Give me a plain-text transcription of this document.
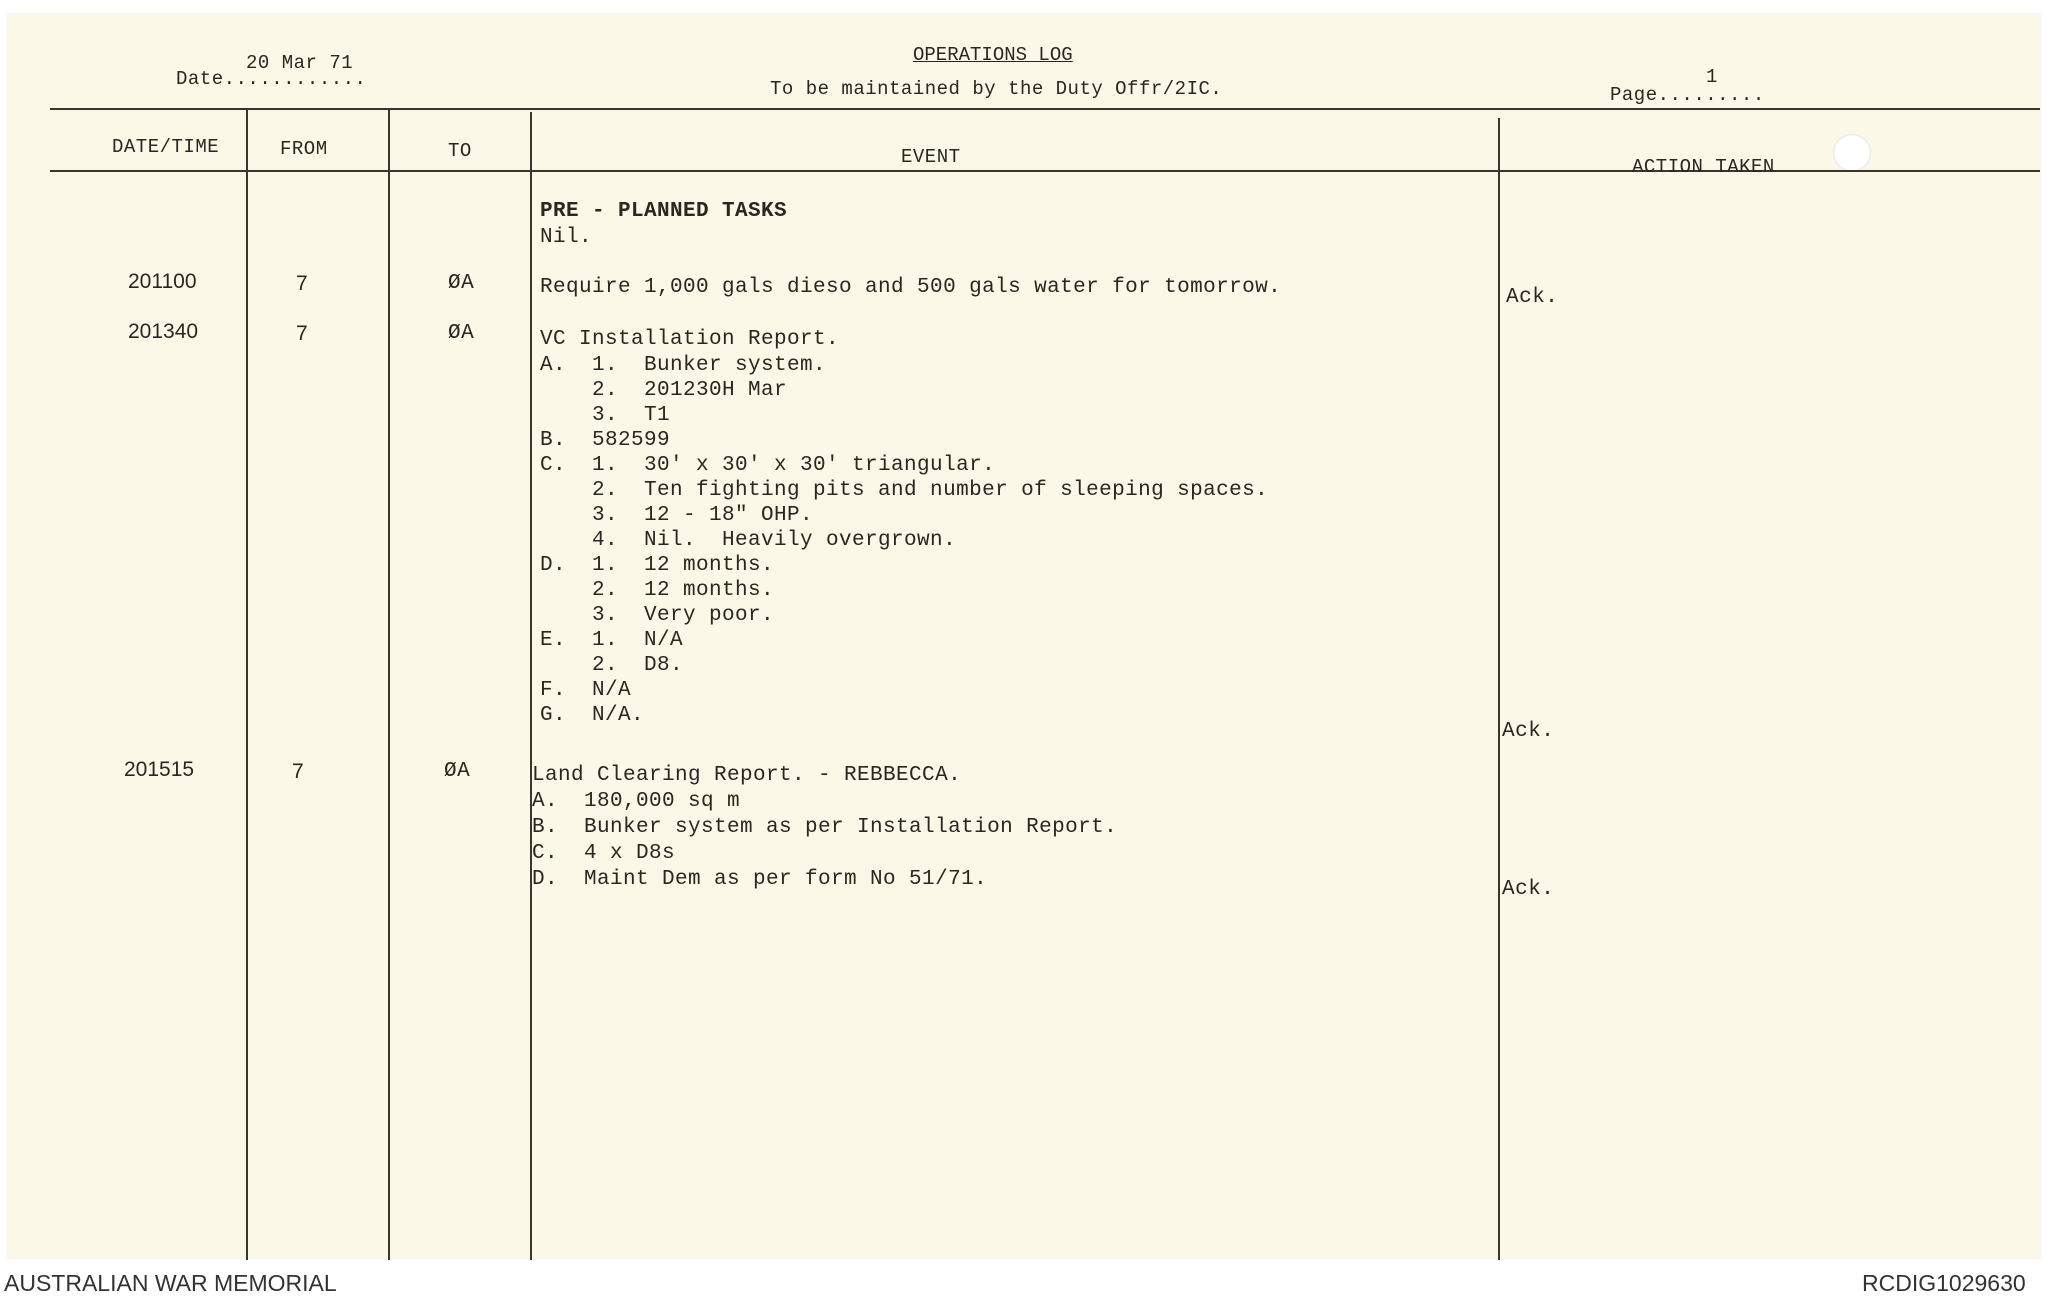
OPERATIONS LOG
To be maintained by the Duty Offr/2IC.
Date............
20 Mar 71
Page.........
1
DATE/TIME	FROM	TO	EVENT	ACTION TAKEN
PRE - PLANNED TASKS
Nil.
201100	7	ØA	Require 1,000 gals dieso and 500 gals water for tomorrow.	Ack.
201340	7	ØA	VC Installation Report.
A.  1.  Bunker system.
2.  201230H Mar
3.  T1
B.  582599
C.  1.  30' x 30' x 30' triangular.
2.  Ten fighting pits and number of sleeping spaces.
3.  12 - 18" OHP.
4.  Nil.  Heavily overgrown.
D.  1.  12 months.
2.  12 months.
3.  Very poor.
E.  1.  N/A
2.  D8.
F.  N/A
G.  N/A.
Ack.
201515	7	ØA	Land Clearing Report. - REBBECCA.
A.  180,000 sq m
B.  Bunker system as per Installation Report.
C.  4 x D8s
D.  Maint Dem as per form No 51/71.	Ack.
AUSTRALIAN WAR MEMORIAL	RCDIG1029630
